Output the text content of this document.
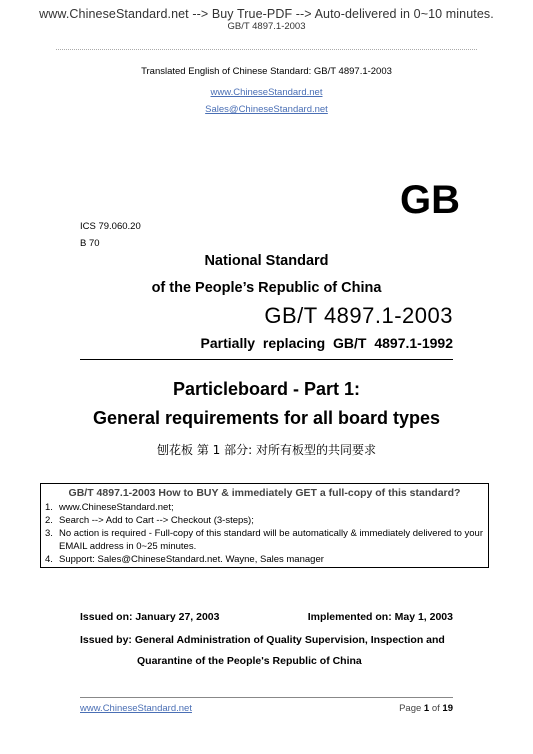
www.ChineseStandard.net --> Buy True-PDF --> Auto-delivered in 0~10 minutes.
GB/T 4897.1-2003
Translated English of Chinese Standard: GB/T 4897.1-2003
www.ChineseStandard.net
Sales@ChineseStandard.net
GB
ICS 79.060.20
B 70
National Standard
of the People’s Republic of China
GB/T 4897.1-2003
Partially replacing GB/T 4897.1-1992
Particleboard - Part 1:
General requirements for all board types
刨花板 第 1 部分: 对所有板型的共同要求
GB/T 4897.1-2003 How to BUY & immediately GET a full-copy of this standard?
1. www.ChineseStandard.net;
2. Search --> Add to Cart --> Checkout (3-steps);
3. No action is required - Full-copy of this standard will be automatically & immediately delivered to your EMAIL address in 0~25 minutes.
4. Support: Sales@ChineseStandard.net. Wayne, Sales manager
Issued on: January 27, 2003	Implemented on: May 1, 2003
Issued by: General Administration of Quality Supervision, Inspection and
Quarantine of the People's Republic of China
www.ChineseStandard.net	Page 1 of 19
